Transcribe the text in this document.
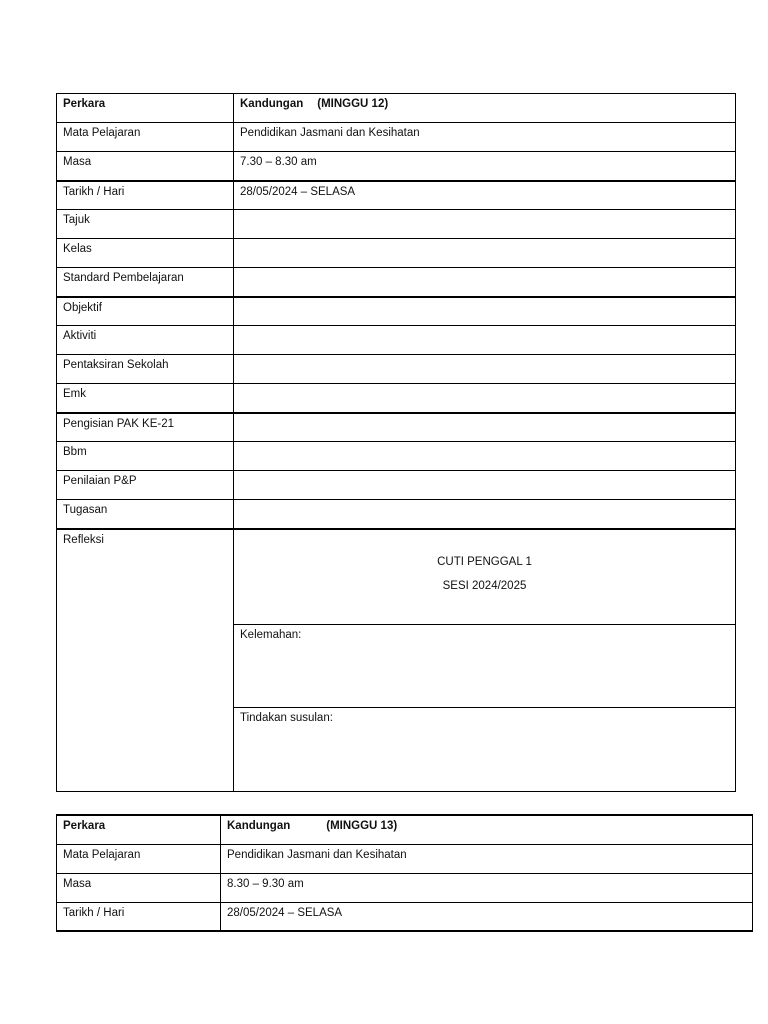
Perkara	Kandungan (MINGGU 12)
Mata Pelajaran	Pendidikan Jasmani dan Kesihatan
Masa	7.30 – 8.30 am
Tarikh / Hari	28/05/2024 – SELASA
Tajuk	
Kelas	
Standard Pembelajaran	
Objektif	
Aktiviti	
Pentaksiran Sekolah	
Emk	
Pengisian PAK KE-21	
Bbm	
Penilaian P&P	
Tugasan	
Refleksi	CUTI PENGGAL 1
SESI 2024/2025
Kelemahan:
Tindakan susulan:
Perkara	Kandungan (MINGGU 13)
Mata Pelajaran	Pendidikan Jasmani dan Kesihatan
Masa	8.30 – 9.30 am
Tarikh / Hari	28/05/2024 – SELASA
